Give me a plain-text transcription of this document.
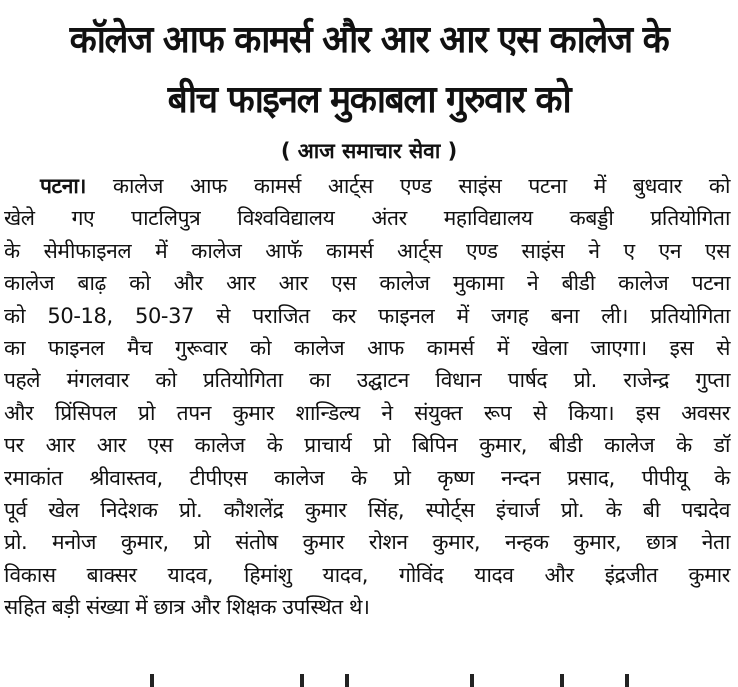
कॉलेज आफ कामर्स और आर आर एस कालेज के
बीच फाइनल मुकाबला गुरुवार को
( आज समाचार सेवा )
पटना। कालेज आफ कामर्स आर्ट्स एण्ड साइंस पटना में बुधवार को
खेले गए पाटलिपुत्र विश्वविद्यालय अंतर महाविद्यालय कबड्डी प्रतियोगिता
के सेमीफाइनल में कालेज आफॅ कामर्स आर्ट्स एण्ड साइंस ने ए एन एस
कालेज बाढ़ को और आर आर एस कालेज मुकामा ने बीडी कालेज पटना
को 50-18, 50-37 से पराजित कर फाइनल में जगह बना ली। प्रतियोगिता
का फाइनल मैच गुरूवार को कालेज आफ कामर्स में खेला जाएगा। इस से
पहले मंगलवार को प्रतियोगिता का उद्घाटन विधान पार्षद प्रो. राजेन्द्र गुप्ता
और प्रिंसिपल प्रो तपन कुमार शान्डिल्य ने संयुक्त रूप से किया। इस अवसर
पर आर आर एस कालेज के प्राचार्य प्रो बिपिन कुमार, बीडी कालेज के डॉ
रमाकांत श्रीवास्तव, टीपीएस कालेज के प्रो कृष्ण नन्दन प्रसाद, पीपीयू के
पूर्व खेल निदेशक प्रो. कौशलेंद्र कुमार सिंह, स्पोर्ट्स इंचार्ज प्रो. के बी पद्मदेव
प्रो. मनोज कुमार, प्रो संतोष कुमार रोशन कुमार, नन्हक कुमार, छात्र नेता
विकास बाक्सर यादव, हिमांशु यादव, गोविंद यादव और इंद्रजीत कुमार
सहित बड़ी संख्या में छात्र और शिक्षक उपस्थित थे।
